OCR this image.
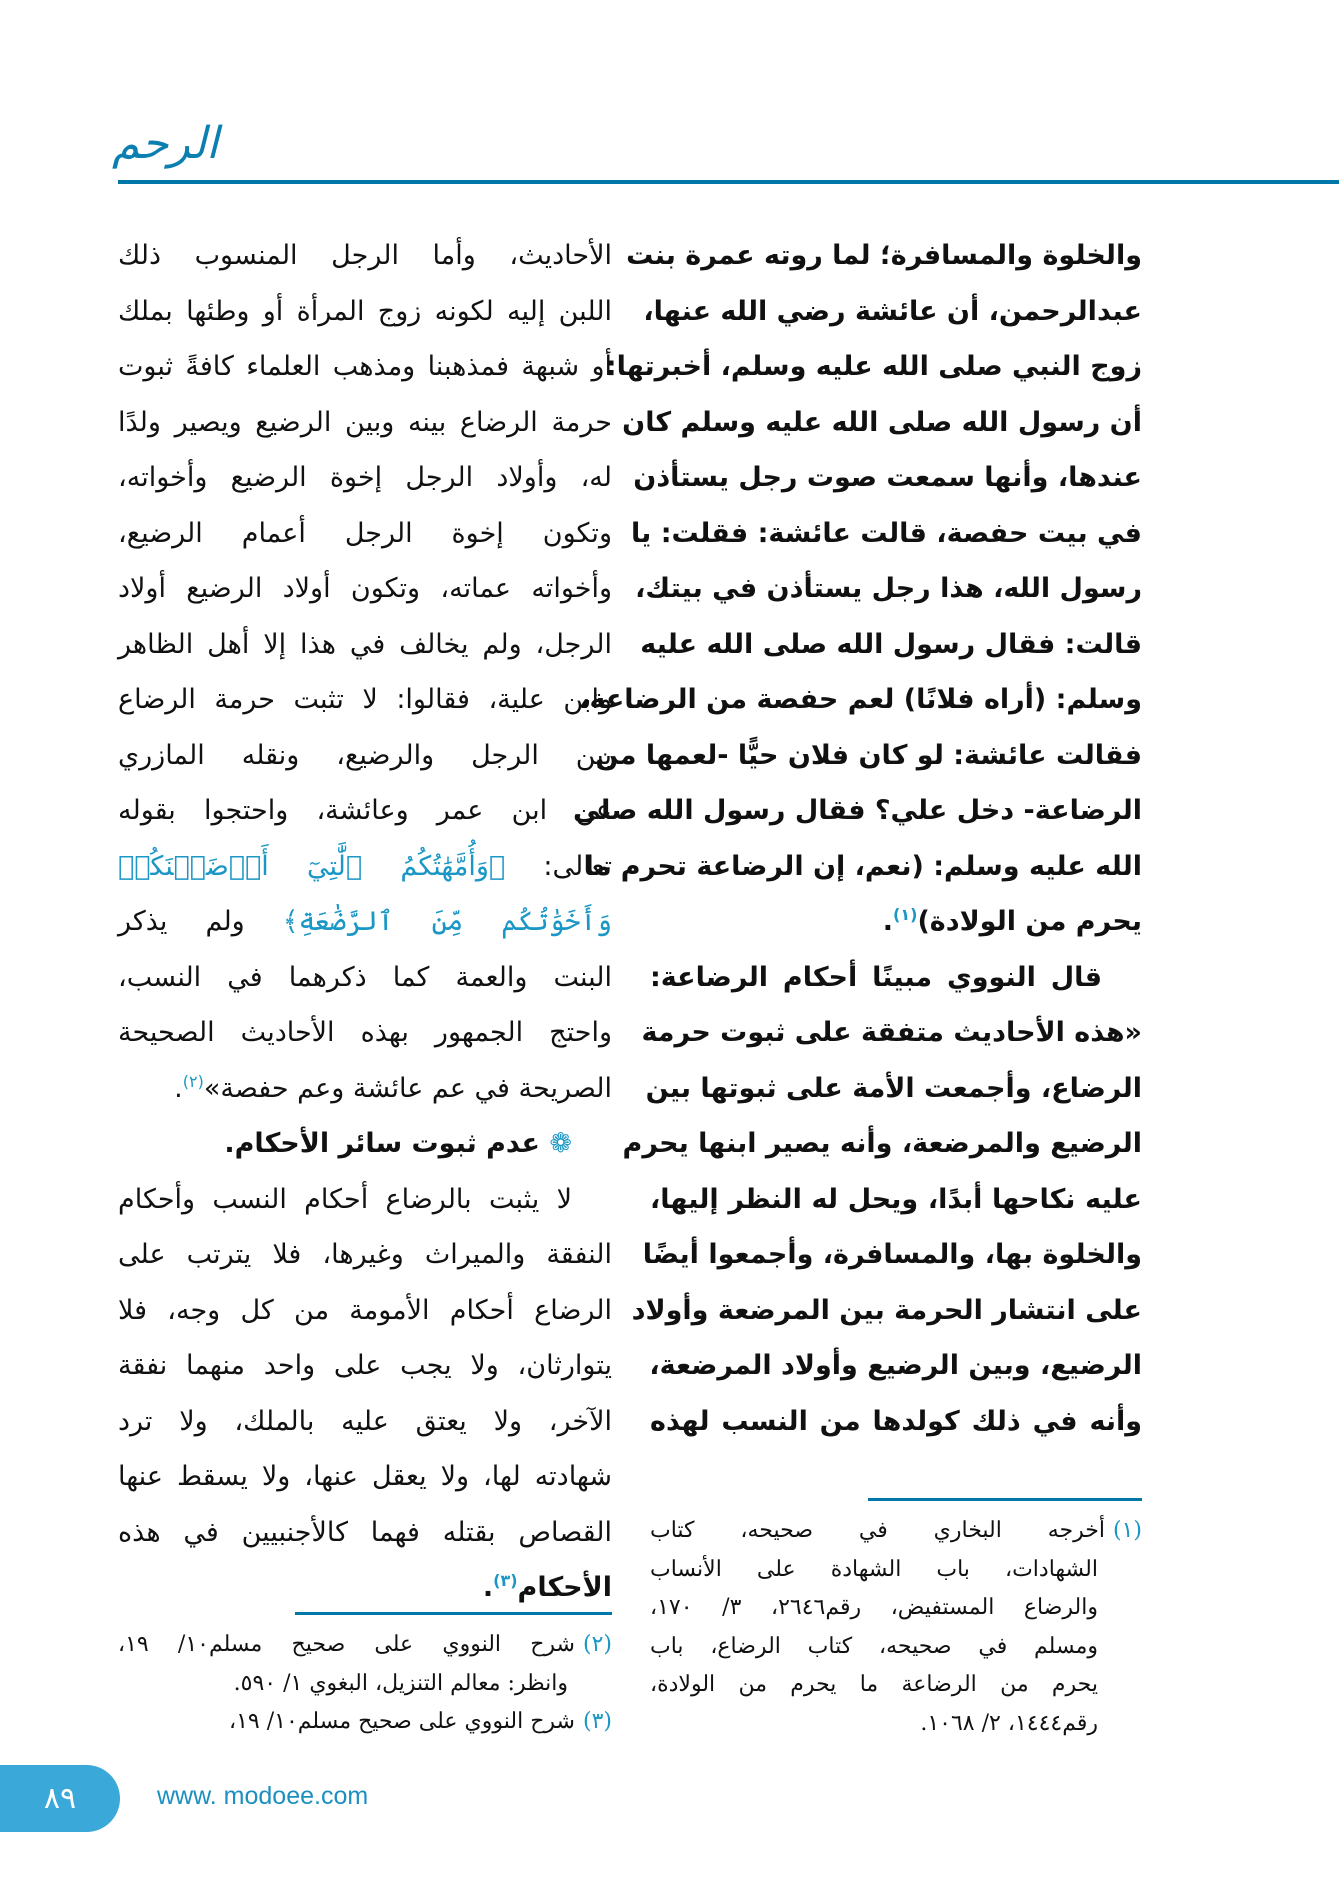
الرحم
والخلوة والمسافرة؛ لما روته عمرة بنت
عبدالرحمن، أن عائشة رضي الله عنها،
زوج النبي صلى الله عليه وسلم، أخبرتها:
أن رسول الله صلى الله عليه وسلم كان
عندها، وأنها سمعت صوت رجل يستأذن
في بيت حفصة، قالت عائشة: فقلت: يا
رسول الله، هذا رجل يستأذن في بيتك،
قالت: فقال رسول الله صلى الله عليه
وسلم: (أراه فلانًا) لعم حفصة من الرضاعة،
فقالت عائشة: لو كان فلان حيًّا -لعمها من
الرضاعة- دخل علي؟ فقال رسول الله صلى
الله عليه وسلم: (نعم، إن الرضاعة تحرم ما
يحرم من الولادة)$^{(١)}$.
قال النووي مبينًا أحكام الرضاعة:
«هذه الأحاديث متفقة على ثبوت حرمة
الرضاع، وأجمعت الأمة على ثبوتها بين
الرضيع والمرضعة، وأنه يصير ابنها يحرم
عليه نكاحها أبدًا، ويحل له النظر إليها،
والخلوة بها، والمسافرة، وأجمعوا أيضًا
على انتشار الحرمة بين المرضعة وأولاد
الرضيع، وبين الرضيع وأولاد المرضعة،
وأنه في ذلك كولدها من النسب لهذه
الأحاديث، وأما الرجل المنسوب ذلك
اللبن إليه لكونه زوج المرأة أو وطئها بملك
أو شبهة فمذهبنا ومذهب العلماء كافةً ثبوت
حرمة الرضاع بينه وبين الرضيع ويصير ولدًا
له، وأولاد الرجل إخوة الرضيع وأخواته،
وتكون إخوة الرجل أعمام الرضيع،
وأخواته عماته، وتكون أولاد الرضيع أولاد
الرجل، ولم يخالف في هذا إلا أهل الظاهر
وابن علية، فقالوا: لا تثبت حرمة الرضاع
بين الرجل والرضيع، ونقله المازري
عن ابن عمر وعائشة، واحتجوا بقوله
تعالى: ﴿وَأُمَّهَٰتُكُمُ ٱلَّٰتِيٓ أَرۡضَعۡنَكُمۡ
وَأَخَوَٰتُكُم مِّنَ ٱلرَّضَٰعَةِ﴾ ولم يذكر
البنت والعمة كما ذكرهما في النسب،
واحتج الجمهور بهذه الأحاديث الصحيحة
الصريحة في عم عائشة وعم حفصة»$^{(٢)}$.
❁ عدم ثبوت سائر الأحكام.
لا يثبت بالرضاع أحكام النسب وأحكام
النفقة والميراث وغيرها، فلا يترتب على
الرضاع أحكام الأمومة من كل وجه، فلا
يتوارثان، ولا يجب على واحد منهما نفقة
الآخر، ولا يعتق عليه بالملك، ولا ترد
شهادته لها، ولا يعقل عنها، ولا يسقط عنها
القصاص بقتله فهما كالأجنبيين في هذه
الأحكام$^{(٣)}$.
(١)أخرجه البخاري في صحيحه، كتاب
الشهادات، باب الشهادة على الأنساب
والرضاع المستفيض، رقم٢٦٤٦، ٣/ ١٧٠،
ومسلم في صحيحه، كتاب الرضاع، باب
يحرم من الرضاعة ما يحرم من الولادة،
رقم١٤٤٤، ٢/ ١٠٦٨.
(٢)شرح النووي على صحيح مسلم١٠/ ١٩،
وانظر: معالم التنزيل، البغوي ١/ ٥٩٠.
(٣)شرح النووي على صحيح مسلم١٠/ ١٩،
٨٩	www. modoee.com
